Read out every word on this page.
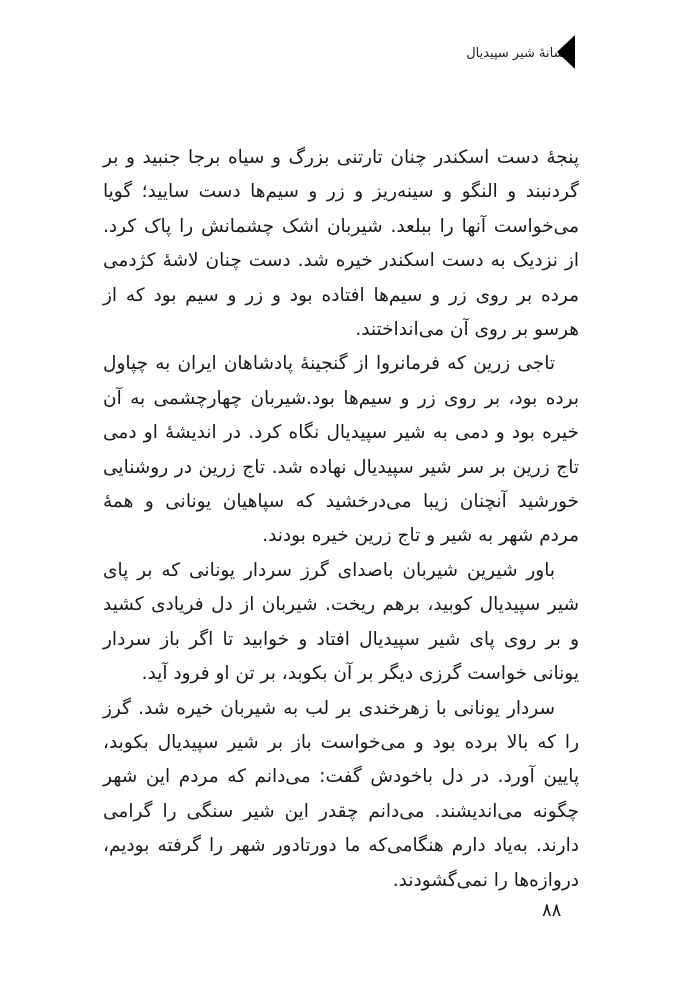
افسانهٔ شیر سپیدیال

پنجهٔ دست اسکندر چنان تارتنی بزرگ و سیاه برجا جنبید و بر گردنبند و النگو و سینه‌ریز و زر و سیم‌ها دست سایید؛ گویا می‌خواست آنها را ببلعد. شیربان اشک چشمانش را پاک کرد. از نزدیک به دست اسکندر خیره شد. دست چنان لاشهٔ کژدمی مرده بر روی زر و سیم‌ها افتاده بود و زر و سیم بود که از هرسو بر روی آن می‌انداختند.

تاجی زرین که فرمانروا از گنجینهٔ پادشاهان ایران به چپاول برده بود، بر روی زر و سیم‌ها بود.شیربان چهارچشمی به آن خیره بود و دمی به شیر سپیدیال نگاه کرد. در اندیشهٔ او دمی تاج زرین بر سر شیر سپیدیال نهاده شد. تاج زرین در روشنایی خورشید آنچنان زیبا می‌درخشید که سپاهیان یونانی و همهٔ مردم شهر به شیر و تاج زرین خیره بودند.

باور شیرین شیربان باصدای گرز سردار یونانی که بر پای شیر سپیدیال کوبید، برهم ریخت. شیربان از دل فریادی کشید و بر روی پای شیر سپیدیال افتاد و خوابید تا اگر باز سردار یونانی خواست گرزی دیگر بر آن بکوبد، بر تن او فرود آید.

سردار یونانی با زهرخندی بر لب به شیربان خیره شد. گرز را که بالا برده بود و می‌خواست باز بر شیر سپیدیال بکوبد، پایین آورد. در دل باخودش گفت: می‌دانم که مردم این شهر چگونه می‌اندیشند. می‌دانم چقدر این شیر سنگی را گرامی دارند. به‌یاد دارم هنگامی‌که ما دورتادور شهر را گرفته بودیم، دروازه‌ها را نمی‌گشودند.

۸۸
